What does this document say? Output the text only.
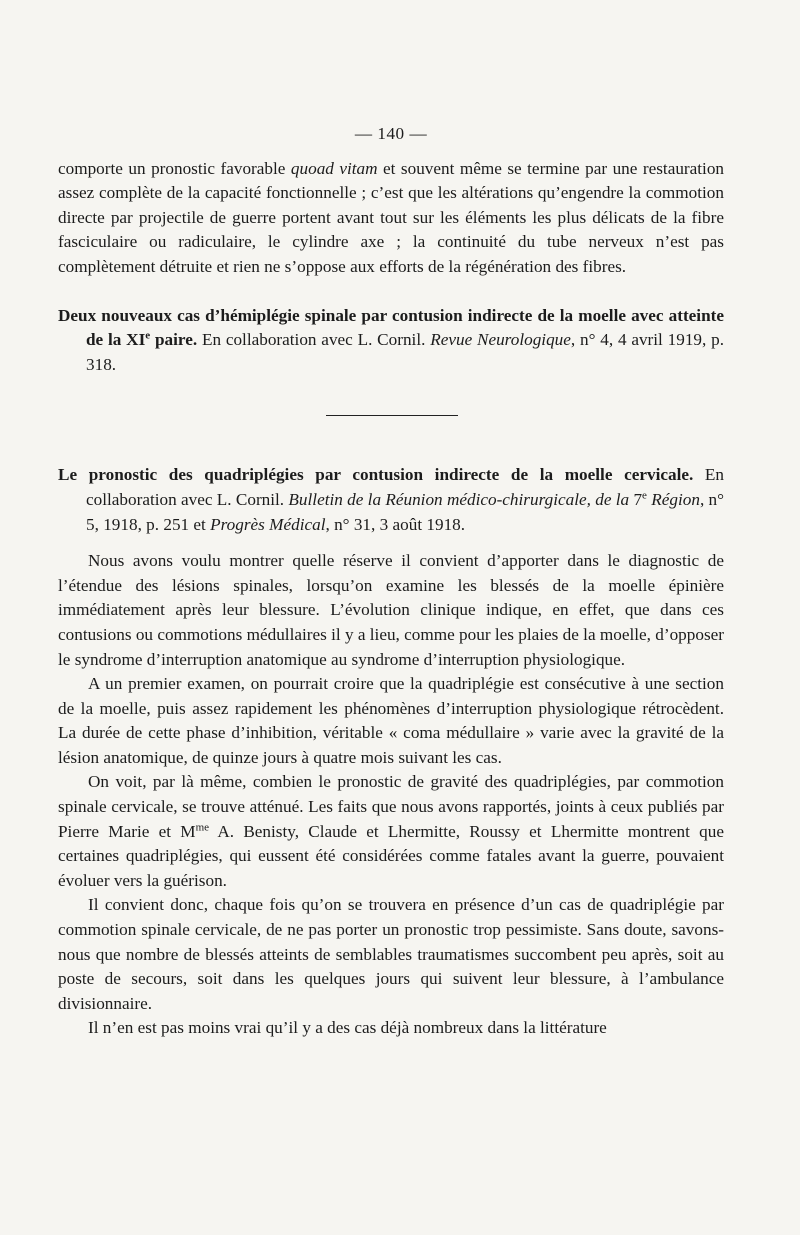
— 140 —

comporte un pronostic favorable quoad vitam et souvent même se termine par une restauration assez complète de la capacité fonctionnelle ; c’est que les altérations qu’engendre la commotion directe par projectile de guerre portent avant tout sur les éléments les plus délicats de la fibre fasciculaire ou radiculaire, le cylindre axe ; la continuité du tube nerveux n’est pas complètement détruite et rien ne s’oppose aux efforts de la régénération des fibres.

Deux nouveaux cas d’hémiplégie spinale par contusion indirecte de la moelle avec atteinte de la XIe paire. En collaboration avec L. Cornil. Revue Neurologique, n° 4, 4 avril 1919, p. 318.

Le pronostic des quadriplégies par contusion indirecte de la moelle cervicale. En collaboration avec L. Cornil. Bulletin de la Réunion médico-chirurgicale, de la 7e Région, n° 5, 1918, p. 251 et Progrès Médical, n° 31, 3 août 1918.

Nous avons voulu montrer quelle réserve il convient d’apporter dans le diagnostic de l’étendue des lésions spinales, lorsqu’on examine les blessés de la moelle épinière immédiatement après leur blessure. L’évolution clinique indique, en effet, que dans ces contusions ou commotions médullaires il y a lieu, comme pour les plaies de la moelle, d’opposer le syndrome d’interruption anatomique au syndrome d’interruption physiologique.

A un premier examen, on pourrait croire que la quadriplégie est consécutive à une section de la moelle, puis assez rapidement les phénomènes d’interruption physiologique rétrocèdent. La durée de cette phase d’inhibition, véritable « coma médullaire » varie avec la gravité de la lésion anatomique, de quinze jours à quatre mois suivant les cas.

On voit, par là même, combien le pronostic de gravité des quadriplégies, par commotion spinale cervicale, se trouve atténué. Les faits que nous avons rapportés, joints à ceux publiés par Pierre Marie et $M^{me}$ A. Benisty, Claude et Lhermitte, Roussy et Lhermitte montrent que certaines quadriplégies, qui eussent été considérées comme fatales avant la guerre, pouvaient évoluer vers la guérison.

Il convient donc, chaque fois qu’on se trouvera en présence d’un cas de quadriplégie par commotion spinale cervicale, de ne pas porter un pronostic trop pessimiste. Sans doute, savons-nous que nombre de blessés atteints de semblables traumatismes succombent peu après, soit au poste de secours, soit dans les quelques jours qui suivent leur blessure, à l’ambulance divisionnaire.

Il n’en est pas moins vrai qu’il y a des cas déjà nombreux dans la littérature
